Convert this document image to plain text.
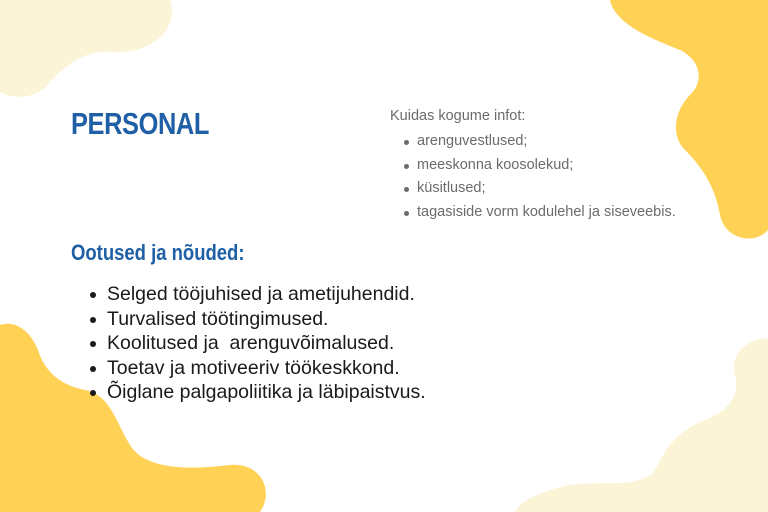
PERSONAL	Kuidas kogume infot:

arenguvestlused;
meeskonna koosolekud;
küsitlused;
tagasiside vorm kodulehel ja siseveebis.
Ootused ja nõuded:
Selged tööjuhised ja ametijuhendid.
Turvalised töötingimused.
Koolitused ja  arenguvõimalused.
Toetav ja motiveeriv töökeskkond.
Õiglane palgapoliitika ja läbipaistvus.
